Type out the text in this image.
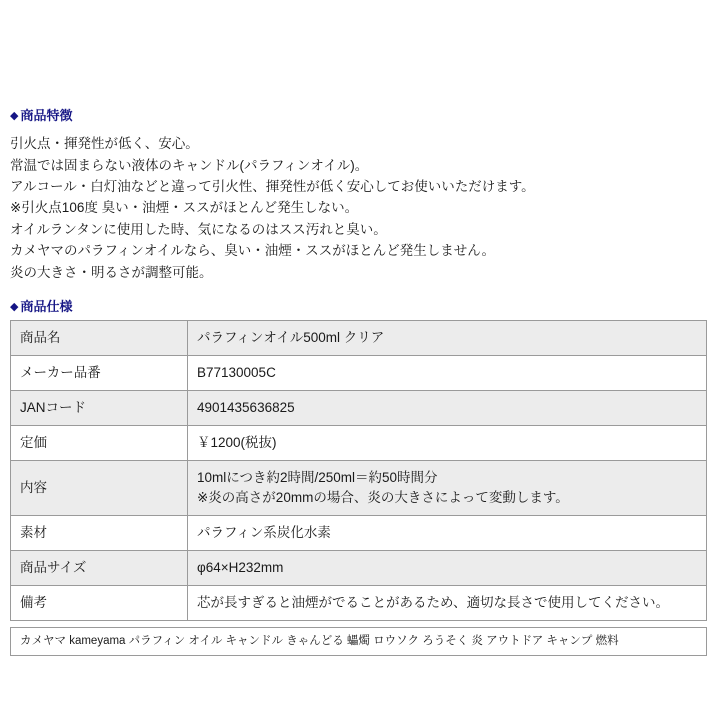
◆ 商品特徴
引火点・揮発性が低く、安心。
常温では固まらない液体のキャンドル(パラフィンオイル)。
アルコール・白灯油などと違って引火性、揮発性が低く安心してお使いいただけます。
※引火点106度 臭い・油煙・ススがほとんど発生しない。
オイルランタンに使用した時、気になるのはスス汚れと臭い。
カメヤマのパラフィンオイルなら、臭い・油煙・ススがほとんど発生しません。
炎の大きさ・明るさが調整可能。
◆ 商品仕様
商品名	パラフィンオイル500ml クリア

メーカー品番	B77130005C

JANコード	4901435636825

定価	￥1200(税抜)

内容	10mlにつき約2時間/250ml＝約50時間分
※炎の高さが20mmの場合、炎の大きさによって変動します。

素材	パラフィン系炭化水素

商品サイズ	φ64×H232mm

備考	芯が長すぎると油煙がでることがあるため、適切な長さで使用してください。
カメヤマ kameyama パラフィン オイル キャンドル きゃんどる 蠝燭 ロウソク ろうそく 炎 アウトドア キャンプ 燃料
